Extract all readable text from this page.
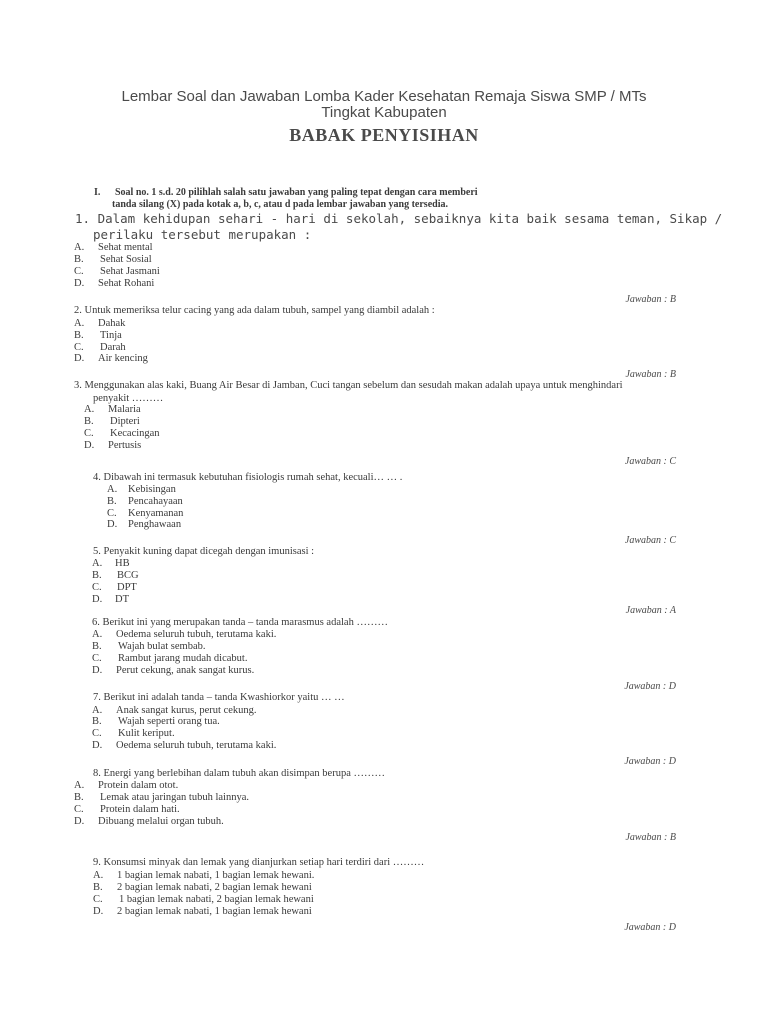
Lembar Soal dan Jawaban Lomba Kader Kesehatan Remaja Siswa SMP / MTs
Tingkat Kabupaten
BABAK PENYISIHAN
I. Soal no. 1 s.d. 20 pilihlah salah satu jawaban yang paling tepat dengan cara memberi
tanda silang (X) pada kotak a, b, c, atau d pada lembar jawaban yang tersedia.
1. Dalam kehidupan sehari - hari di sekolah, sebaiknya kita baik sesama teman, Sikap /
perilaku tersebut merupakan :
A. Sehat mental
B. Sehat Sosial
C. Sehat Jasmani
D. Sehat Rohani
Jawaban : B
2. Untuk memeriksa telur cacing yang ada dalam tubuh, sampel yang diambil adalah :
A. Dahak
B. Tinja
C. Darah
D. Air kencing
Jawaban : B
3. Menggunakan alas kaki, Buang Air Besar di Jamban, Cuci tangan sebelum dan sesudah makan adalah upaya untuk menghindari
penyakit ………
A. Malaria
B. Dipteri
C. Kecacingan
D. Pertusis
Jawaban : C
4. Dibawah ini termasuk kebutuhan fisiologis rumah sehat, kecuali… … .
A. Kebisingan
B. Pencahayaan
C. Kenyamanan
D. Penghawaan
Jawaban : C
5. Penyakit kuning dapat dicegah dengan imunisasi :
A. HB
B. BCG
C. DPT
D. DT
Jawaban : A
6. Berikut ini yang merupakan tanda – tanda marasmus adalah ………
A. Oedema seluruh tubuh, terutama kaki.
B. Wajah bulat sembab.
C. Rambut jarang mudah dicabut.
D. Perut cekung, anak sangat kurus.
Jawaban : D
7. Berikut ini adalah tanda – tanda Kwashiorkor yaitu … …
A. Anak sangat kurus, perut cekung.
B. Wajah seperti orang tua.
C. Kulit keriput.
D. Oedema seluruh tubuh, terutama kaki.
Jawaban : D
8. Energi yang berlebihan dalam tubuh akan disimpan berupa ………
A. Protein dalam otot.
B. Lemak atau jaringan tubuh lainnya.
C. Protein dalam hati.
D. Dibuang melalui organ tubuh.
Jawaban : B
9. Konsumsi minyak dan lemak yang dianjurkan setiap hari terdiri dari ………
A. 1 bagian lemak nabati, 1 bagian lemak hewani.
B. 2 bagian lemak nabati, 2 bagian lemak hewani
C. 1 bagian lemak nabati, 2 bagian lemak hewani
D. 2 bagian lemak nabati, 1 bagian lemak hewani
Jawaban : D
